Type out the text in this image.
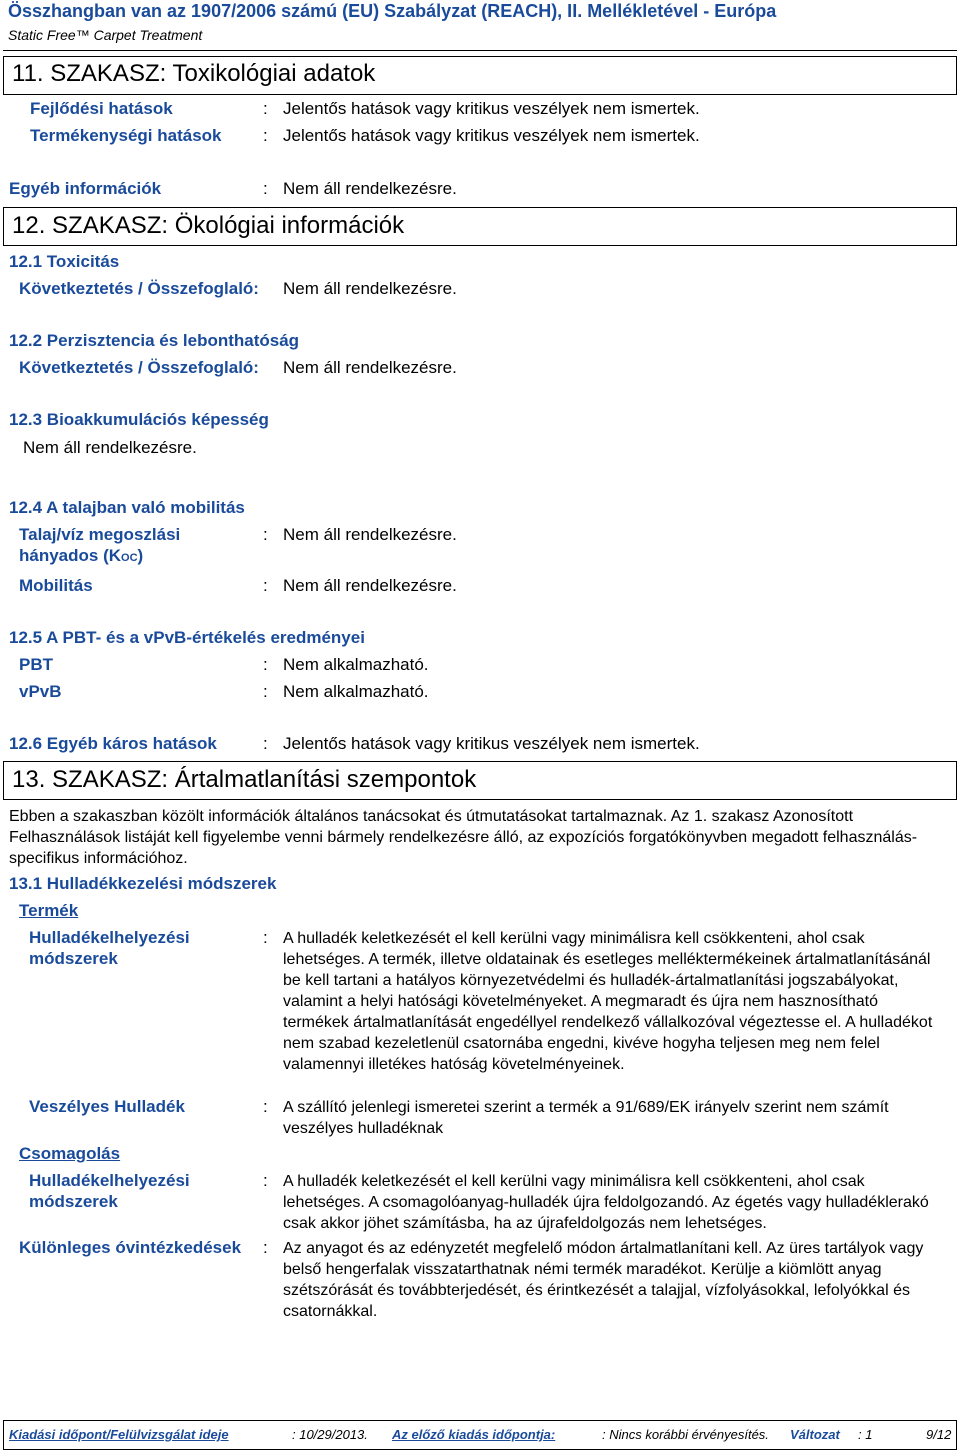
Összhangban van az 1907/2006 számú (EU) Szabályzat (REACH), II. Mellékletével - Európa
Static Free™ Carpet Treatment
11. SZAKASZ: Toxikológiai adatok
Fejlődési hatások	: Jelentős hatások vagy kritikus veszélyek nem ismertek.
Termékenységi hatások : Jelentős hatások vagy kritikus veszélyek nem ismertek.
Egyéb információk	: Nem áll rendelkezésre.
12. SZAKASZ: Ökológiai információk
12.1 Toxicitás
Következtetés / Összefoglaló: Nem áll rendelkezésre.
12.2 Perzisztencia és lebonthatóság
Következtetés / Összefoglaló: Nem áll rendelkezésre.
12.3 Bioakkumulációs képesség
Nem áll rendelkezésre.
12.4 A talajban való mobilitás
Talaj/víz megoszlási
hányados (KOC)
: Nem áll rendelkezésre.
Mobilitás	: Nem áll rendelkezésre.
12.5 A PBT- és a vPvB-értékelés eredményei
PBT	: Nem alkalmazható.
vPvB	: Nem alkalmazható.
12.6 Egyéb káros hatások	: Jelentős hatások vagy kritikus veszélyek nem ismertek.
13. SZAKASZ: Ártalmatlanítási szempontok
Ebben a szakaszban közölt információk általános tanácsokat és útmutatásokat tartalmaznak. Az 1. szakasz Azonosított Felhasználások listáját kell figyelembe venni bármely rendelkezésre álló, az expozíciós forgatókönyvben megadott felhasználás-specifikus információhoz.
13.1 Hulladékkezelési módszerek
Termék
Hulladékelhelyezési
módszerek
: A hulladék keletkezését el kell kerülni vagy minimálisra kell csökkenteni, ahol csak lehetséges. A termék, illetve oldatainak és esetleges melléktermékeinek ártalmatlanításánál be kell tartani a hatályos környezetvédelmi és hulladék-ártalmatlanítási jogszabályokat, valamint a helyi hatósági követelményeket. A megmaradt és újra nem hasznosítható termékek ártalmatlanítását engedéllyel rendelkező vállalkozóval végeztesse el. A hulladékot nem szabad kezeletlenül csatornába engedni, kivéve hogyha teljesen meg nem felel valamennyi illetékes hatóság követelményeinek.
Veszélyes Hulladék	: A szállító jelenlegi ismeretei szerint a termék a 91/689/EK irányelv szerint nem számít veszélyes hulladéknak
Csomagolás
Hulladékelhelyezési
módszerek
: A hulladék keletkezését el kell kerülni vagy minimálisra kell csökkenteni, ahol csak lehetséges. A csomagolóanyag-hulladék újra feldolgozandó. Az égetés vagy hulladéklerakó csak akkor jöhet számításba, ha az újrafeldolgozás nem lehetséges.
Különleges óvintézkedések : Az anyagot és az edényzetét megfelelő módon ártalmatlanítani kell. Az üres tartályok vagy belső hengerfalak visszatarthatnak némi termék maradékot. Kerülje a kiömlött anyag szétszórását és továbbterjedését, és érintkezését a talajjal, vízfolyásokkal, lefolyókkal és csatornákkal.
Kiadási időpont/Felülvizsgálat ideje	: 10/29/2013. Az előző kiadás időpontja:	: Nincs korábbi érvényesítés. Változat : 1	9/12
